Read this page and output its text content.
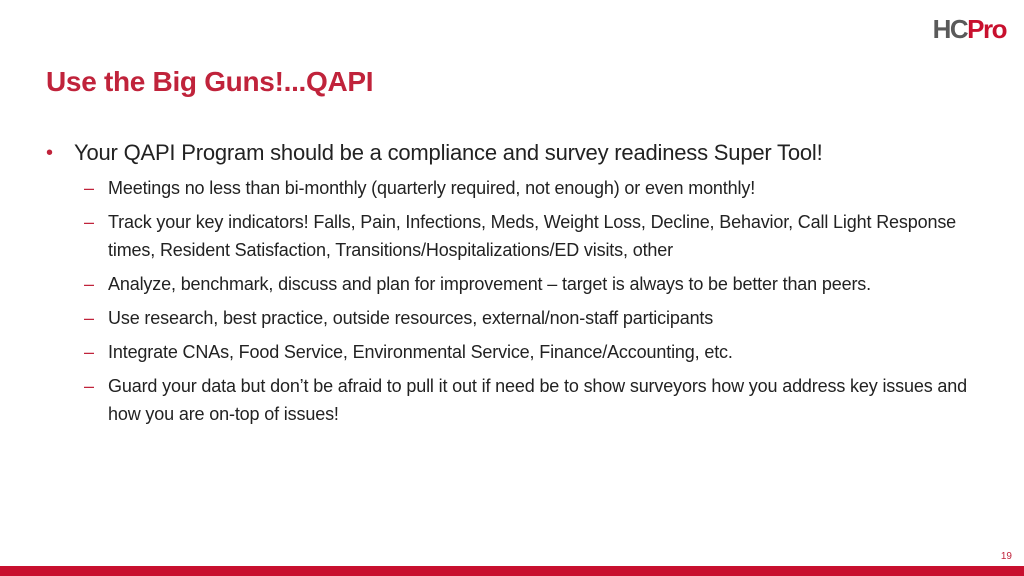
HCPro
Use the Big Guns!...QAPI
• Your QAPI Program should be a compliance and survey readiness Super Tool!
– Meetings no less than bi-monthly (quarterly required, not enough) or even monthly!
– Track your key indicators! Falls, Pain, Infections, Meds, Weight Loss, Decline, Behavior, Call Light Response times, Resident Satisfaction, Transitions/Hospitalizations/ED visits, other
– Analyze, benchmark, discuss and plan for improvement – target is always to be better than peers.
– Use research, best practice, outside resources, external/non-staff participants
– Integrate CNAs, Food Service, Environmental Service, Finance/Accounting, etc.
– Guard your data but don’t be afraid to pull it out if need be to show surveyors how you address key issues and how you are on-top of issues!
19
